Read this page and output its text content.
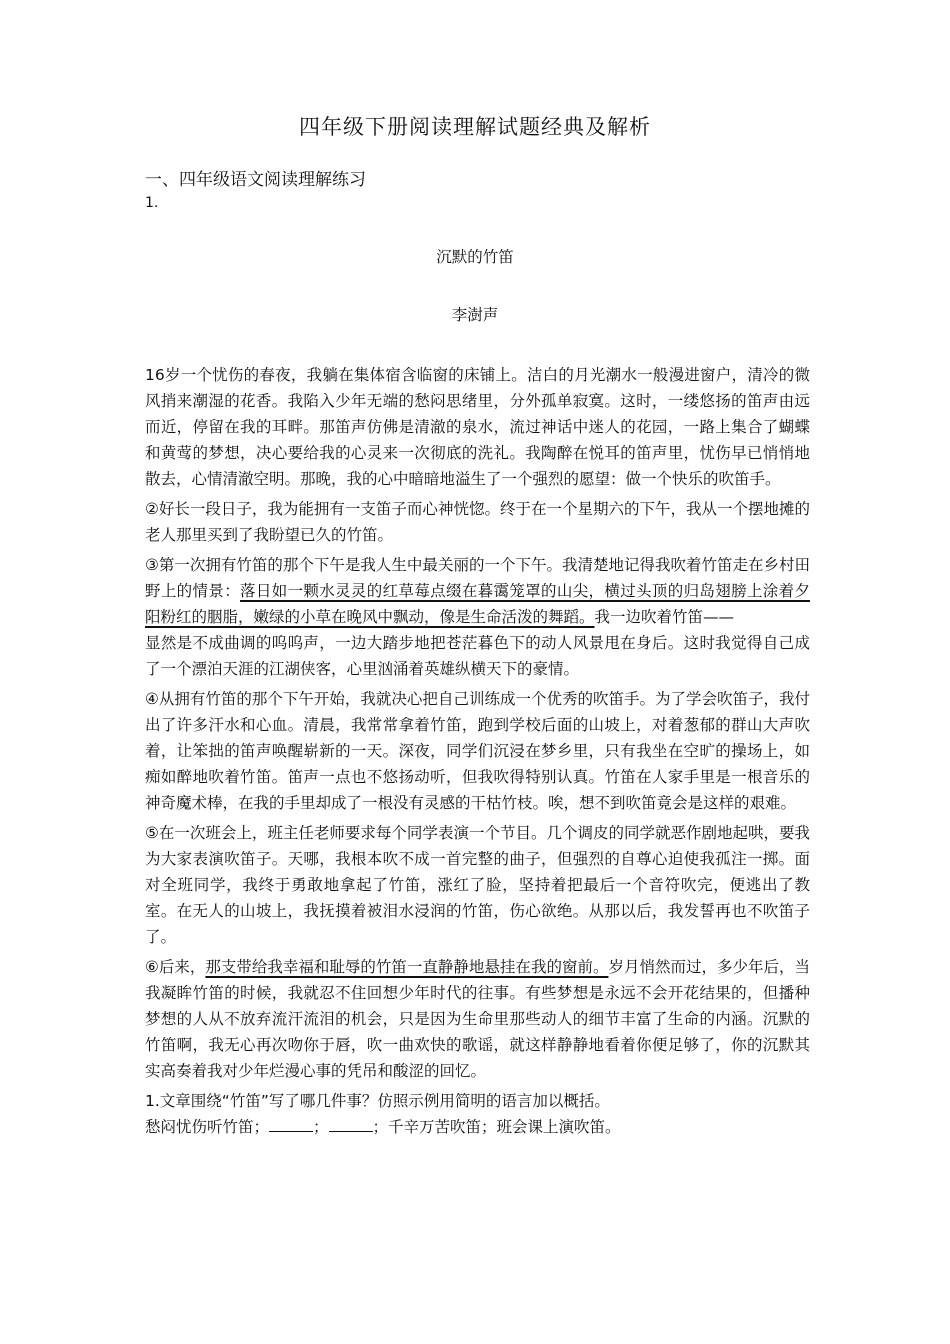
四年级下册阅读理解试题经典及解析
一、四年级语文阅读理解练习
1.
沉默的竹笛
李澍声

16岁一个忧伤的春夜，我躺在集体宿含临窗的床铺上。洁白的月光潮水一般漫进窗户，清冷的微风捎来潮湿的花香。我陷入少年无端的愁闷思绪里，分外孤单寂寞。这时，一缕悠扬的笛声由远而近，停留在我的耳畔。那笛声仿佛是清澈的泉水，流过神话中迷人的花园，一路上集合了蝴蝶和黄莺的梦想，决心要给我的心灵来一次彻底的洗礼。我陶醉在悦耳的笛声里，忧伤早已悄悄地散去，心情清澈空明。那晚，我的心中暗暗地溢生了一个强烈的愿望：做一个快乐的吹笛手。

②好长一段日子，我为能拥有一支笛子而心神恍惚。终于在一个星期六的下午，我从一个摆地摊的老人那里买到了我盼望已久的竹笛。

③第一次拥有竹笛的那个下午是我人生中最关丽的一个下午。我清楚地记得我吹着竹笛走在乡村田野上的情景：落日如一颗水灵灵的红草莓点缀在暮霭笼罩的山尖，横过头顶的归岛翅膀上涂着夕阳粉红的胭脂，嫩绿的小草在晚风中飘动，像是生命活泼的舞蹈。我一边吹着竹笛——

显然是不成曲调的呜呜声，一边大踏步地把苍茫暮色下的动人风景甩在身后。这时我觉得自己成了一个漂泊天涯的江湖侠客，心里汹涌着英雄纵横天下的豪情。

④从拥有竹笛的那个下午开始，我就决心把自己训练成一个优秀的吹笛手。为了学会吹笛子，我付出了许多汗水和心血。清晨，我常常拿着竹笛，跑到学校后面的山坡上，对着葱郁的群山大声吹着，让笨拙的笛声唤醒崭新的一天。深夜，同学们沉浸在梦乡里，只有我坐在空旷的操场上，如痴如醉地吹着竹笛。笛声一点也不悠扬动听，但我吹得特别认真。竹笛在人家手里是一根音乐的神奇魔术棒，在我的手里却成了一根没有灵感的干枯竹枝。唉，想不到吹笛竟会是这样的艰难。

⑤在一次班会上，班主任老师要求每个同学表演一个节目。几个调皮的同学就恶作剧地起哄，要我为大家表演吹笛子。天哪，我根本吹不成一首完整的曲子，但强烈的自尊心迫使我孤注一掷。面对全班同学，我终于勇敢地拿起了竹笛，涨红了脸，坚持着把最后一个音符吹完，便逃出了教室。在无人的山坡上，我抚摸着被泪水浸润的竹笛，伤心欲绝。从那以后，我发誓再也不吹笛子了。

⑥后来，那支带给我幸福和耻辱的竹笛一直静静地悬挂在我的窗前。岁月悄然而过，多少年后，当我凝眸竹笛的时候，我就忍不住回想少年时代的往事。有些梦想是永远不会开花结果的，但播种梦想的人从不放弃流汗流泪的机会，只是因为生命里那些动人的细节丰富了生命的内涵。沉默的竹笛啊，我无心再次吻你于唇，吹一曲欢快的歌谣，就这样静静地看着你便足够了，你的沉默其实高奏着我对少年烂漫心事的凭吊和酸涩的回忆。

1.文章围绕“竹笛”写了哪几件事？仿照示例用简明的语言加以概括。

愁闷忧伤听竹笛；	；	；千辛万苦吹笛；班会课上演吹笛。
